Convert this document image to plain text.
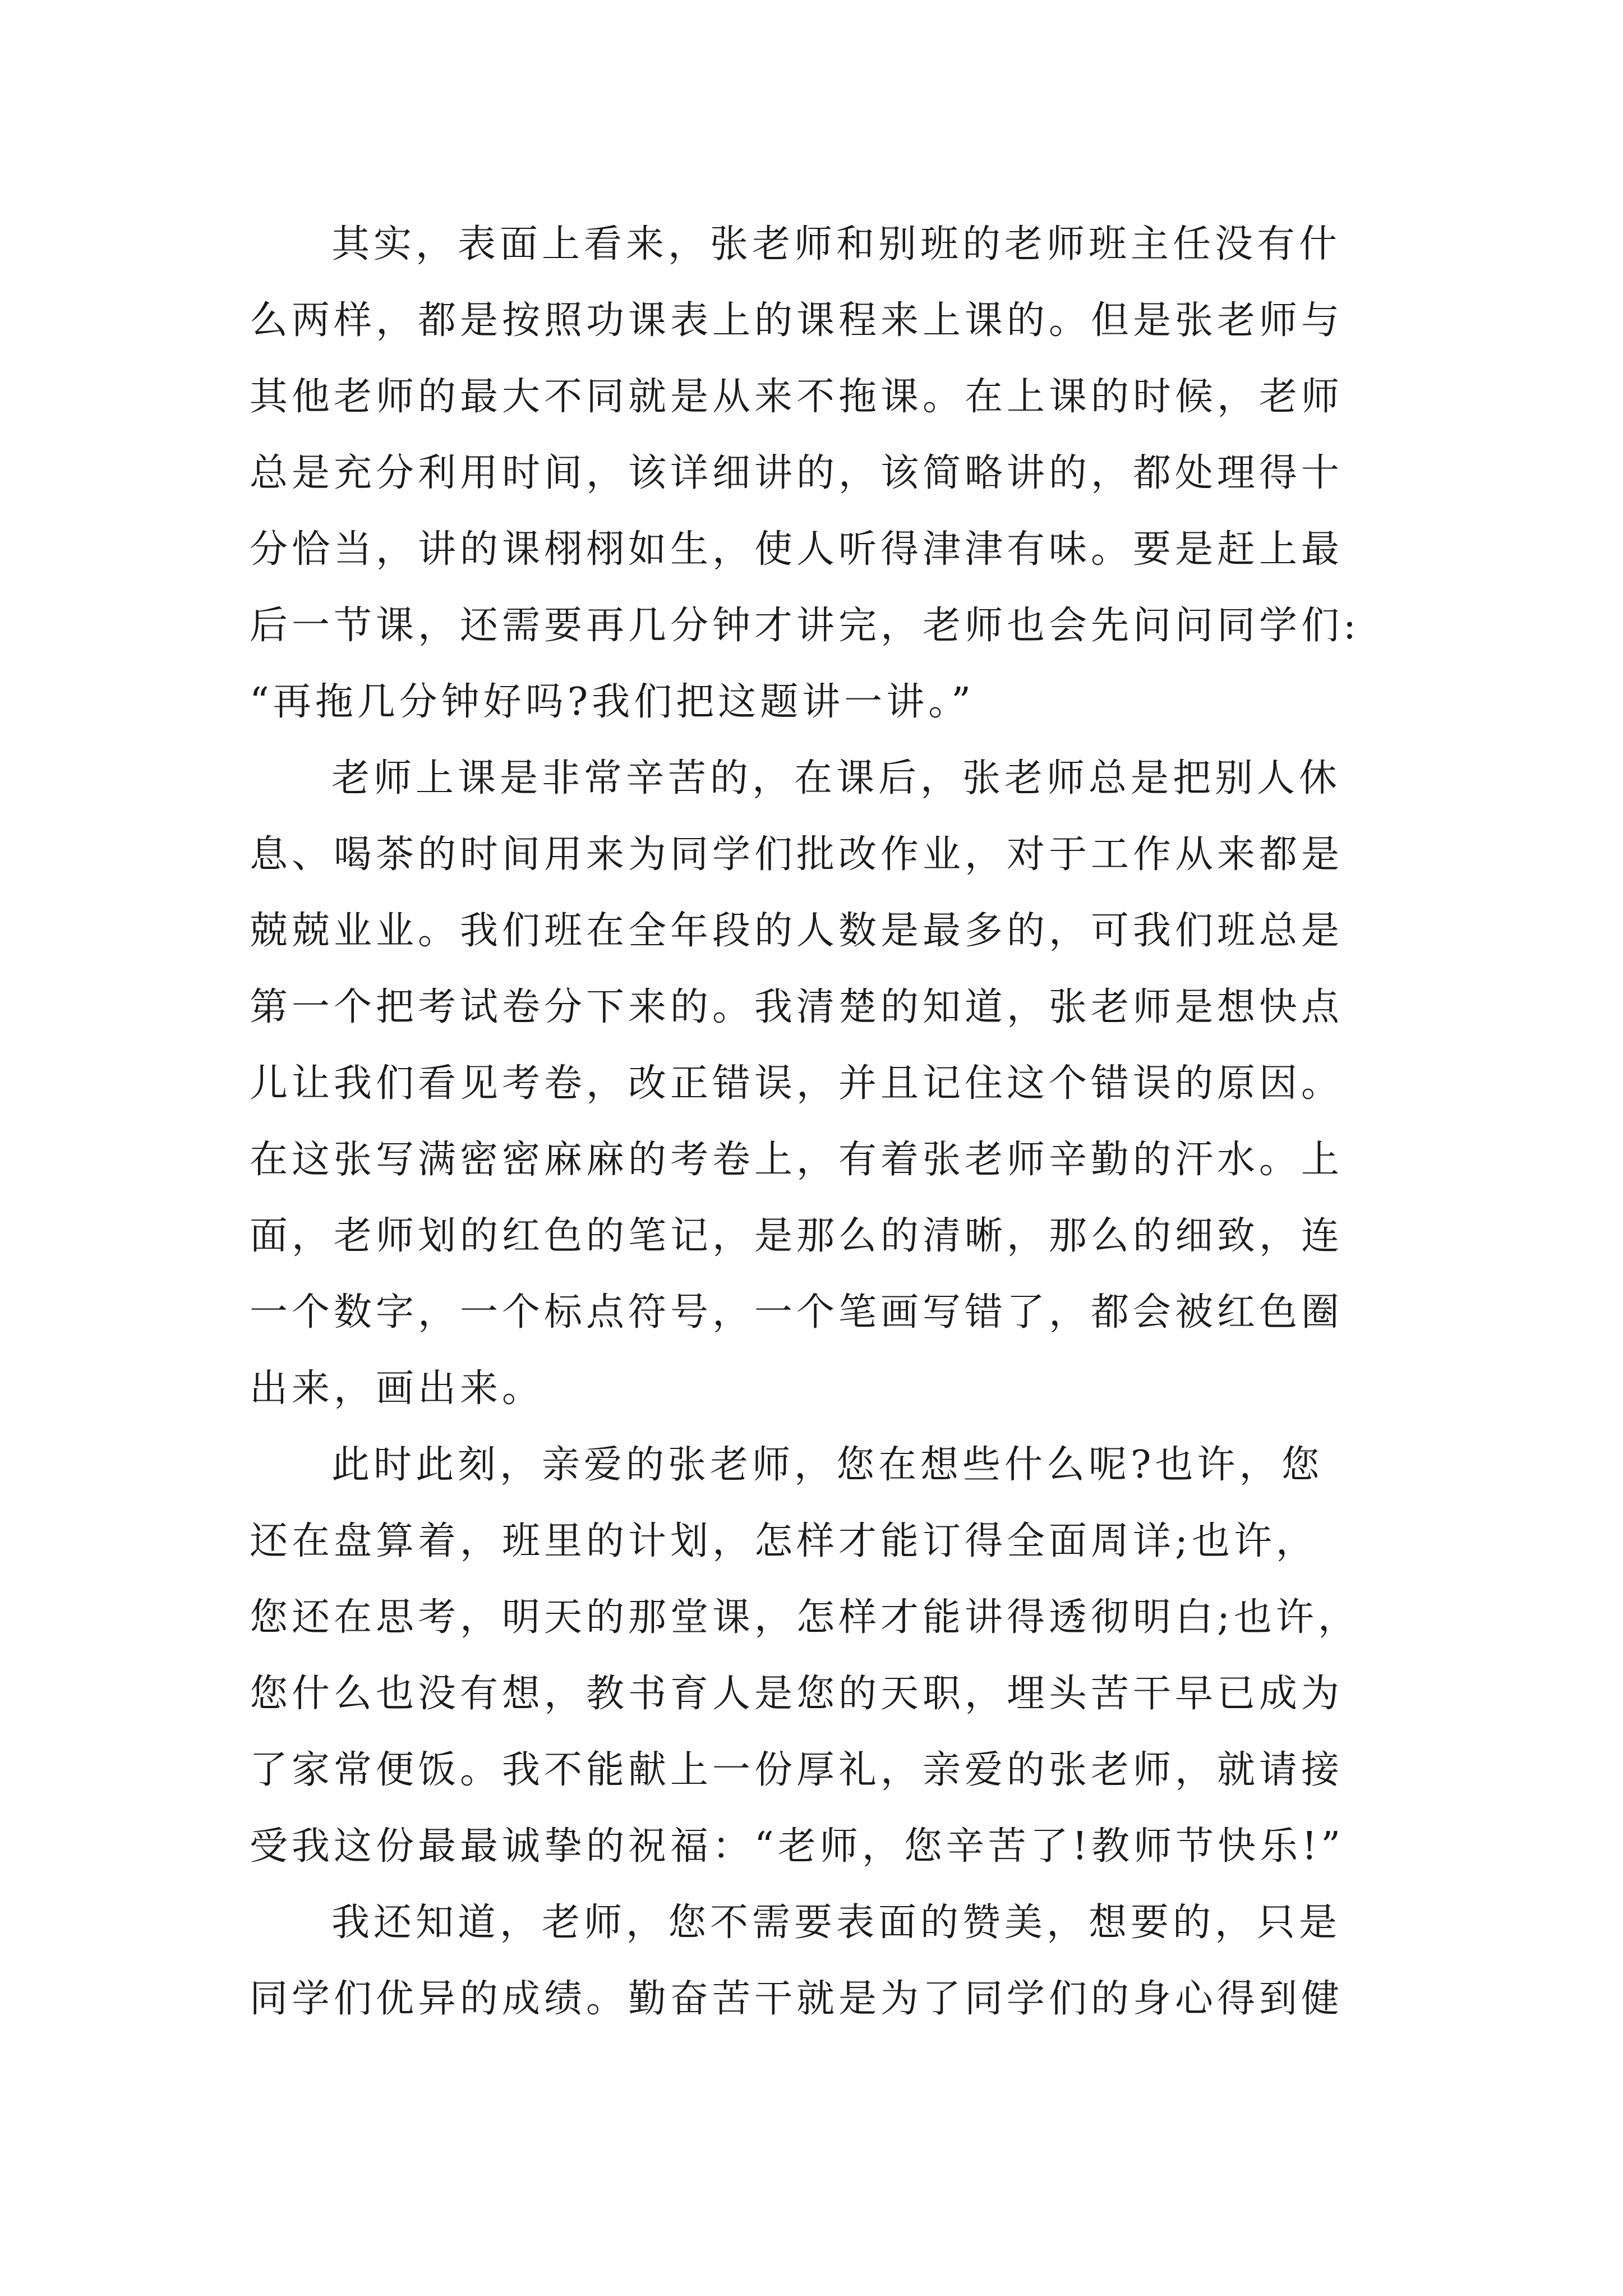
其实，表面上看来，张老师和别班的老师班主任没有什
么两样，都是按照功课表上的课程来上课的。但是张老师与
其他老师的最大不同就是从来不拖课。在上课的时候，老师
总是充分利用时间，该详细讲的，该简略讲的，都处理得十
分恰当，讲的课栩栩如生，使人听得津津有味。要是赶上最
后一节课，还需要再几分钟才讲完，老师也会先问问同学们:
“再拖几分钟好吗?我们把这题讲一讲。”
老师上课是非常辛苦的，在课后，张老师总是把别人休
息、喝茶的时间用来为同学们批改作业，对于工作从来都是
兢兢业业。我们班在全年段的人数是最多的，可我们班总是
第一个把考试卷分下来的。我清楚的知道，张老师是想快点
儿让我们看见考卷，改正错误，并且记住这个错误的原因。
在这张写满密密麻麻的考卷上，有着张老师辛勤的汗水。上
面，老师划的红色的笔记，是那么的清晰，那么的细致，连
一个数字，一个标点符号，一个笔画写错了，都会被红色圈
出来，画出来。
此时此刻，亲爱的张老师，您在想些什么呢?也许，您
还在盘算着，班里的计划，怎样才能订得全面周详;也许，
您还在思考，明天的那堂课，怎样才能讲得透彻明白;也许，
您什么也没有想，教书育人是您的天职，埋头苦干早已成为
了家常便饭。我不能献上一份厚礼，亲爱的张老师，就请接
受我这份最最诚挚的祝福：“老师，您辛苦了!教师节快乐!”
我还知道，老师，您不需要表面的赞美，想要的，只是
同学们优异的成绩。勤奋苦干就是为了同学们的身心得到健
